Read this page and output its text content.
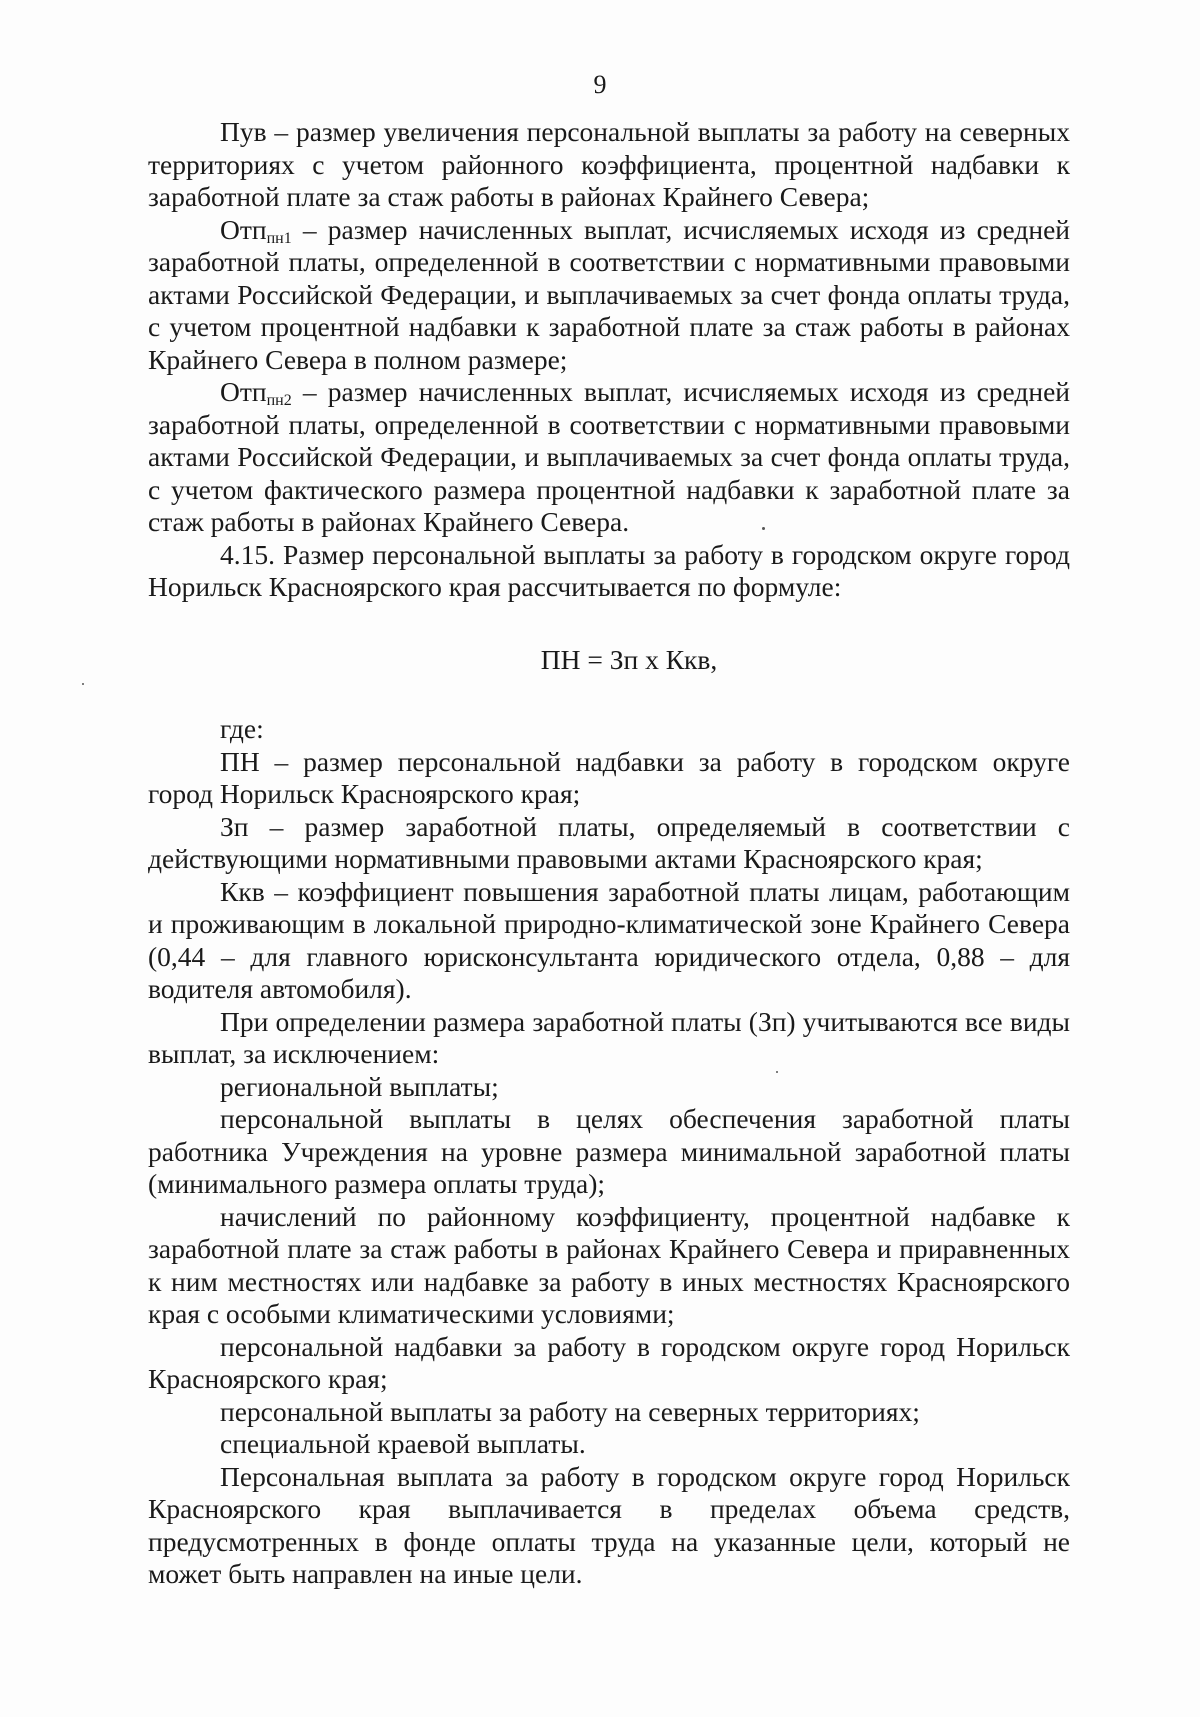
9

Пув – размер увеличения персональной выплаты за работу на северных территориях с учетом районного коэффициента, процентной надбавки к заработной плате за стаж работы в районах Крайнего Севера;

Отп$_{пн1}$ – размер начисленных выплат, исчисляемых исходя из средней заработной платы, определенной в соответствии с нормативными правовыми актами Российской Федерации, и выплачиваемых за счет фонда оплаты труда, с учетом процентной надбавки к заработной плате за стаж работы в районах Крайнего Севера в полном размере;

Отп$_{пн2}$ – размер начисленных выплат, исчисляемых исходя из средней заработной платы, определенной в соответствии с нормативными правовыми актами Российской Федерации, и выплачиваемых за счет фонда оплаты труда, с учетом фактического размера процентной надбавки к заработной плате за стаж работы в районах Крайнего Севера.

4.15. Размер персональной выплаты за работу в городском округе город Норильск Красноярского края рассчитывается по формуле:

ПН = Зп х Ккв,

где:

ПН – размер персональной надбавки за работу в городском округе город Норильск Красноярского края;

Зп – размер заработной платы, определяемый в соответствии с действующими нормативными правовыми актами Красноярского края;

Ккв – коэффициент повышения заработной платы лицам, работающим и проживающим в локальной природно-климатической зоне Крайнего Севера (0,44 – для главного юрисконсультанта юридического отдела, 0,88 – для водителя автомобиля).

При определении размера заработной платы (Зп) учитываются все виды выплат, за исключением:

региональной выплаты;

персональной выплаты в целях обеспечения заработной платы работника Учреждения на уровне размера минимальной заработной платы (минимального размера оплаты труда);

начислений по районному коэффициенту, процентной надбавке к заработной плате за стаж работы в районах Крайнего Севера и приравненных к ним местностях или надбавке за работу в иных местностях Красноярского края с особыми климатическими условиями;

персональной надбавки за работу в городском округе город Норильск Красноярского края;

персональной выплаты за работу на северных территориях;

специальной краевой выплаты.

Персональная выплата за работу в городском округе город Норильск Красноярского края выплачивается в пределах объема средств, предусмотренных в фонде оплаты труда на указанные цели, который не может быть направлен на иные цели.
